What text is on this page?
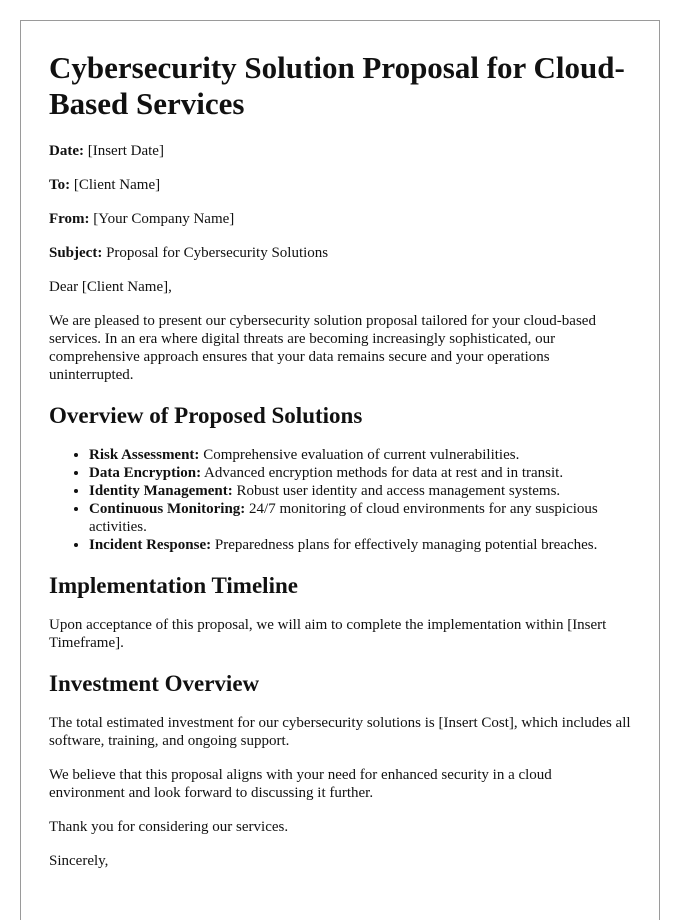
Cybersecurity Solution Proposal for Cloud-Based Services

Date: [Insert Date]

To: [Client Name]

From: [Your Company Name]

Subject: Proposal for Cybersecurity Solutions

Dear [Client Name],

We are pleased to present our cybersecurity solution proposal tailored for your cloud-based services. In an era where digital threats are becoming increasingly sophisticated, our comprehensive approach ensures that your data remains secure and your operations uninterrupted.

Overview of Proposed Solutions
• Risk Assessment: Comprehensive evaluation of current vulnerabilities.
• Data Encryption: Advanced encryption methods for data at rest and in transit.
• Identity Management: Robust user identity and access management systems.
• Continuous Monitoring: 24/7 monitoring of cloud environments for any suspicious activities.
• Incident Response: Preparedness plans for effectively managing potential breaches.
Implementation Timeline

Upon acceptance of this proposal, we will aim to complete the implementation within [Insert Timeframe].

Investment Overview

The total estimated investment for our cybersecurity solutions is [Insert Cost], which includes all software, training, and ongoing support.

We believe that this proposal aligns with your need for enhanced security in a cloud environment and look forward to discussing it further.

Thank you for considering our services.

Sincerely,
